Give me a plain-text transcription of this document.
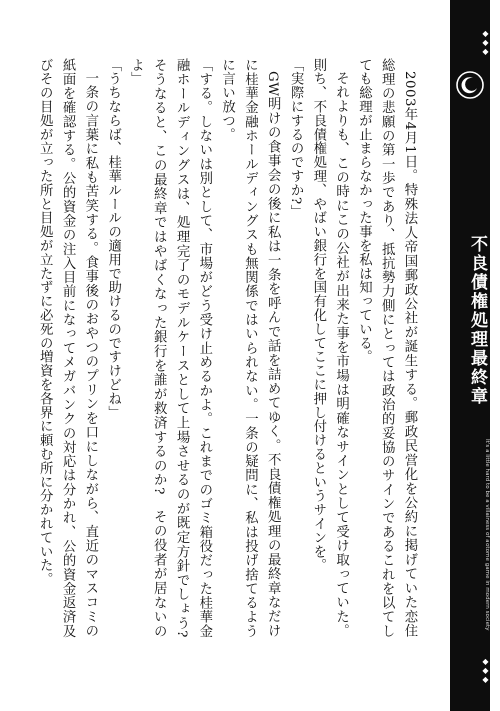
2003年4月1日。特殊法人帝国郵政公社が誕生する。郵政民営化を公約に掲げていた恋住総理の悲願の第一歩であり、抵抗勢力側にとっては政治的妥協のサインであるこれを以てしても総理が止まらなかった事を私は知っている。

それよりも、この時にこの公社が出来た事を市場は明確なサインとして受け取っていた。則ち、不良債権処理、やばい銀行を国有化してここに押し付けるというサインを。

「実際にするのですか?」

GW明けの食事会の後に私は一条を呼んで話を詰めてゆく。不良債権処理の最終章なだけに桂華金融ホールディングスも無関係ではいられない。一条の疑問に、私は投げ捨てるように言い放つ。

「する。しないは別として、市場がどう受け止めるかよ。これまでのゴミ箱役だった桂華金融ホールディングスは、処理完了のモデルケースとして上場させるのが既定方針でしょう?　そうなると、この最終章ではやばくなった銀行を誰が救済するのか?　その役者が居ないのよ」

「うちならば、桂華ルールの適用で助けるのですけどね」

一条の言葉に私も苦笑する。食事後のおやつのプリンを口にしながら、直近のマスコミの紙面を確認する。公的資金の注入目前になってメガバンクの対応は分かれ、公的資金返済及びその目処が立った所と目処が立たずに必死の増資を各界に頼む所に分かれていた。

◆◆◆
不良債権処理最終章
It's a little hard to be a villainess of a
otome game in modern society
◆◆◆
